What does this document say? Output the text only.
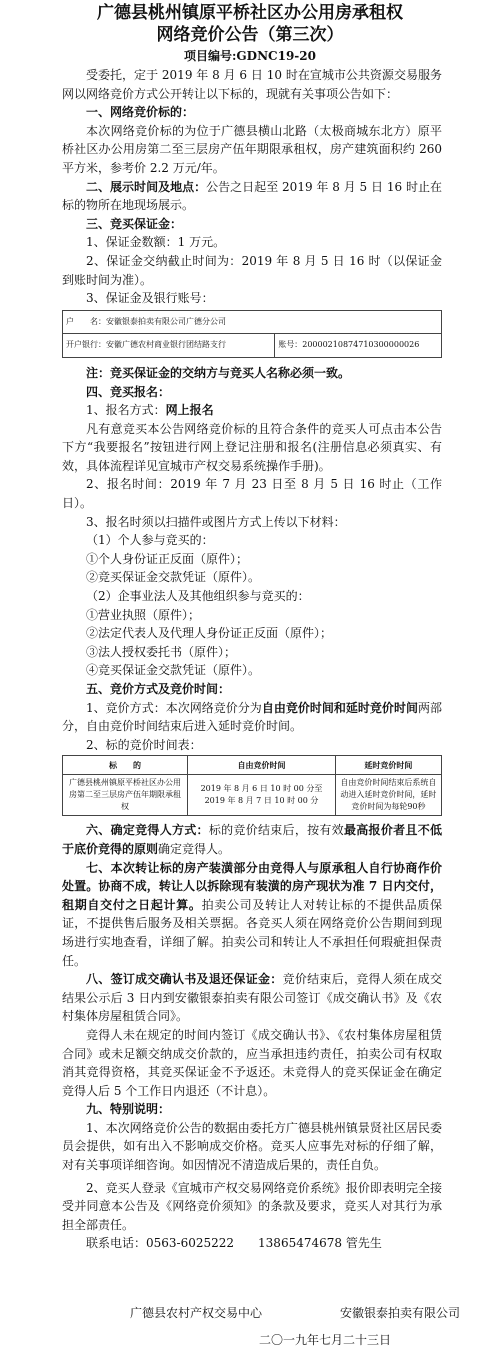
广德县桃州镇原平桥社区办公用房承租权
网络竞价公告（第三次）
项目编号:GDNC19-20

受委托，定于 2019 年 8 月 6 日 10 时在宣城市公共资源交易服务网以网络竞价方式公开转让以下标的，现就有关事项公告如下：

一、网络竞价标的：

本次网络竞价标的为位于广德县横山北路（太极商城东北方）原平桥社区办公用房第二至三层房产伍年期限承租权，房产建筑面积约 260 平方米，参考价 2.2 万元/年。

二、展示时间及地点：公告之日起至 2019 年 8 月 5 日 16 时止在标的物所在地现场展示。

三、竞买保证金：

1、保证金数额：1 万元。

2、保证金交纳截止时间为：2019 年 8 月 5 日 16 时（以保证金到账时间为准）。

3、保证金及银行账号：

户　　名：安徽银泰拍卖有限公司广德分公司
开户银行：安徽广德农村商业银行团结路支行	账号：20000210874710300000026

注：竞买保证金的交纳方与竞买人名称必须一致。

四、竞买报名：

1、报名方式：网上报名

凡有意竞买本公告网络竞价标的且符合条件的竞买人可点击本公告下方“我要报名”按钮进行网上登记注册和报名(注册信息必须真实、有效，具体流程详见宣城市产权交易系统操作手册)。

2、报名时间：2019 年 7 月 23 日至 8 月 5 日 16 时止（工作日）。

3、报名时须以扫描件或图片方式上传以下材料：

（1）个人参与竞买的：

①个人身份证正反面（原件）；

②竞买保证金交款凭证（原件）。

（2）企事业法人及其他组织参与竞买的：

①营业执照（原件）；

②法定代表人及代理人身份证正反面（原件）；

③法人授权委托书（原件）；

④竞买保证金交款凭证（原件）。

五、竞价方式及竞价时间：

1、竞价方式：本次网络竞价分为自由竞价时间和延时竞价时间两部分，自由竞价时间结束后进入延时竞价时间。

2、标的竞价时间表：

标　　的	自由竞价时间	延时竞价时间
广德县桃州镇原平桥社区办公用房第二至三层房产伍年期限承租权	2019 年 8 月 6 日 10 时 00 分至 2019 年 8 月 7 日 10 时 00 分	自由竞价时间结束后系统自动进入延时竞价时间，延时竞价时间为每轮90秒

六、确定竞得人方式：标的竞价结束后，按有效最高报价者且不低于底价竞得的原则确定竞得人。

七、本次转让标的房产装潢部分由竞得人与原承租人自行协商作价处置。协商不成，转让人以拆除现有装潢的房产现状为准 7 日内交付，租期自交付之日起计算。拍卖公司及转让人对转让标的不提供品质保证，不提供售后服务及相关票据。各竞买人须在网络竞价公告期间到现场进行实地查看，详细了解。拍卖公司和转让人不承担任何瑕疵担保责任。

八、签订成交确认书及退还保证金：竞价结束后，竞得人须在成交结果公示后 3 日内到安徽银泰拍卖有限公司签订《成交确认书》及《农村集体房屋租赁合同》。

竞得人未在规定的时间内签订《成交确认书》、《农村集体房屋租赁合同》或未足额交纳成交价款的，应当承担违约责任，拍卖公司有权取消其竞得资格，其竞买保证金不予返还。未竞得人的竞买保证金在确定竞得人后 5 个工作日内退还（不计息）。

九、特别说明：

1、本次网络竞价公告的数据由委托方广德县桃州镇景贤社区居民委员会提供，如有出入不影响成交价格。竞买人应事先对标的仔细了解，对有关事项详细咨询。如因情况不清造成后果的，责任自负。

2、竞买人登录《宣城市产权交易网络竞价系统》报价即表明完全接受并同意本公告及《网络竞价须知》的条款及要求，竞买人对其行为承担全部责任。

联系电话：0563-6025222　　13865474678 管先生

广德县农村产权交易中心	安徽银泰拍卖有限公司
二〇一九年七月二十三日
